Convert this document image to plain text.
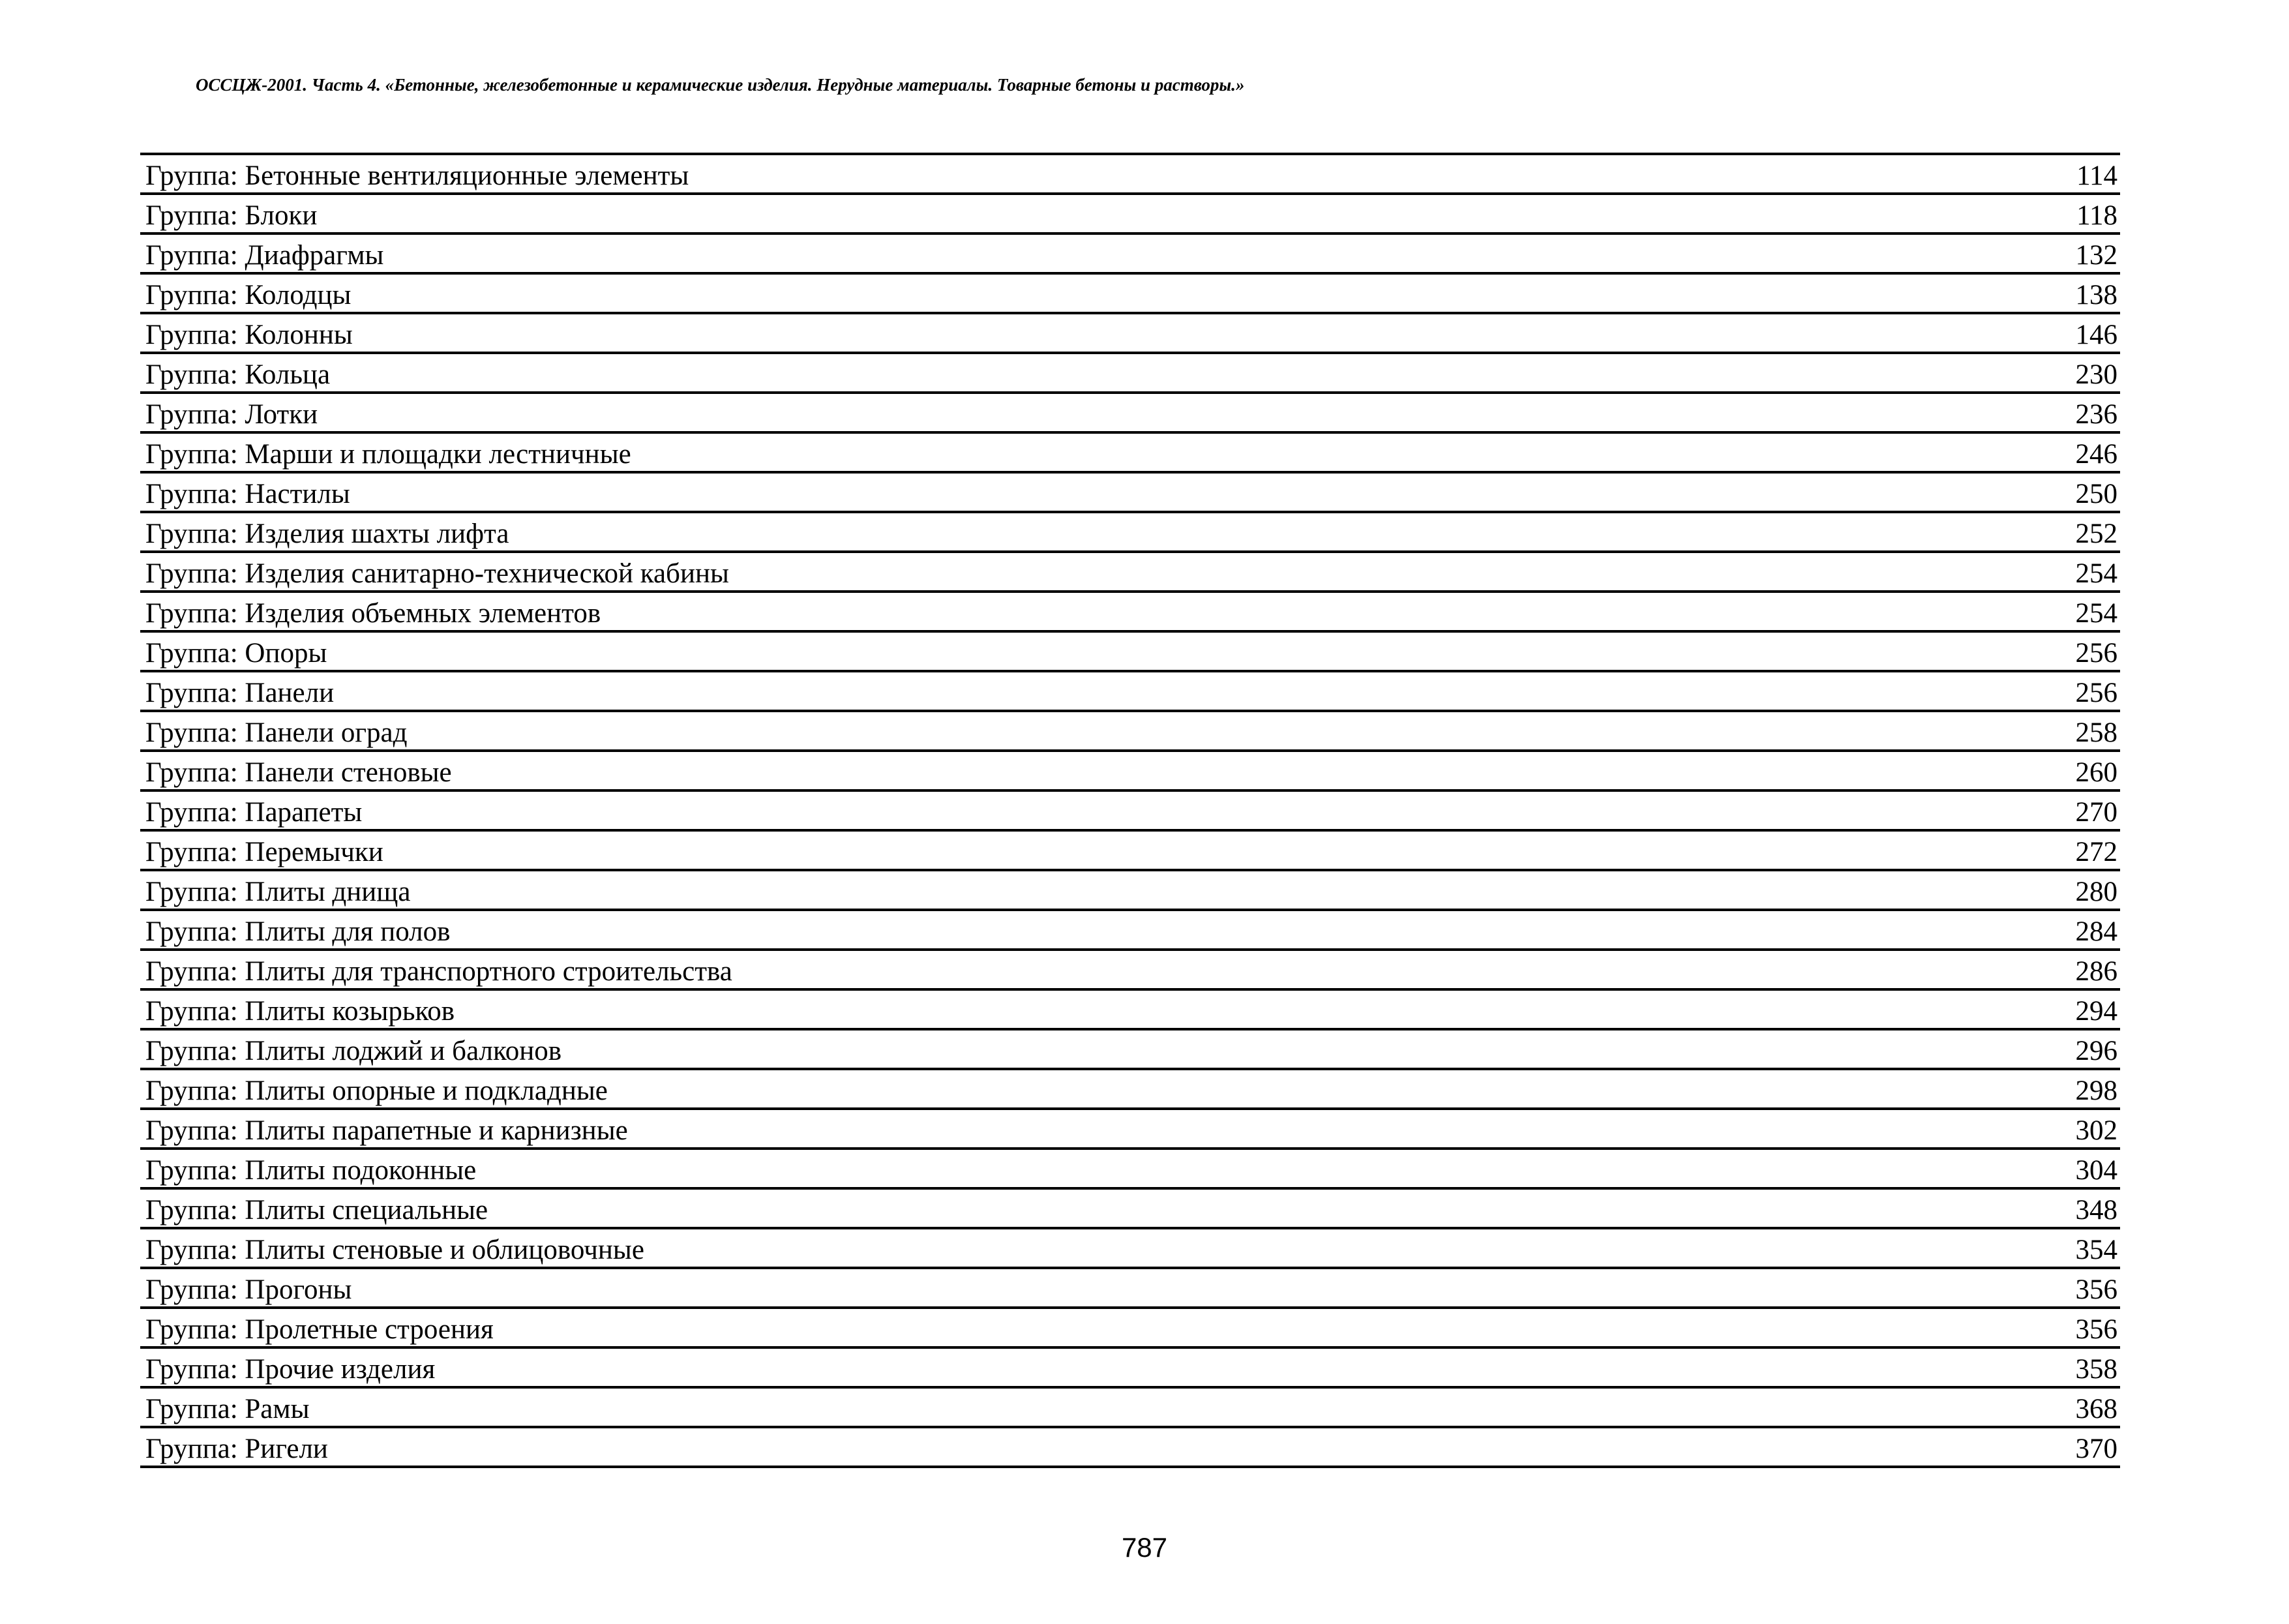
ОССЦЖ-2001. Часть 4. «Бетонные, железобетонные и керамические изделия. Нерудные материалы. Товарные бетоны и растворы.»
Группа: Бетонные вентиляционные элементы	114
Группа: Блоки	118
Группа: Диафрагмы	132
Группа: Колодцы	138
Группа: Колонны	146
Группа: Кольца	230
Группа: Лотки	236
Группа: Марши и площадки лестничные	246
Группа: Настилы	250
Группа: Изделия шахты лифта	252
Группа: Изделия санитарно-технической кабины	254
Группа: Изделия объемных элементов	254
Группа: Опоры	256
Группа: Панели	256
Группа: Панели оград	258
Группа: Панели стеновые	260
Группа: Парапеты	270
Группа: Перемычки	272
Группа: Плиты днища	280
Группа: Плиты для полов	284
Группа: Плиты для транспортного строительства	286
Группа: Плиты козырьков	294
Группа: Плиты лоджий и балконов	296
Группа: Плиты опорные и подкладные	298
Группа: Плиты парапетные и карнизные	302
Группа: Плиты подоконные	304
Группа: Плиты специальные	348
Группа: Плиты стеновые и облицовочные	354
Группа: Прогоны	356
Группа: Пролетные строения	356
Группа: Прочие изделия	358
Группа: Рамы	368
Группа: Ригели	370
787
